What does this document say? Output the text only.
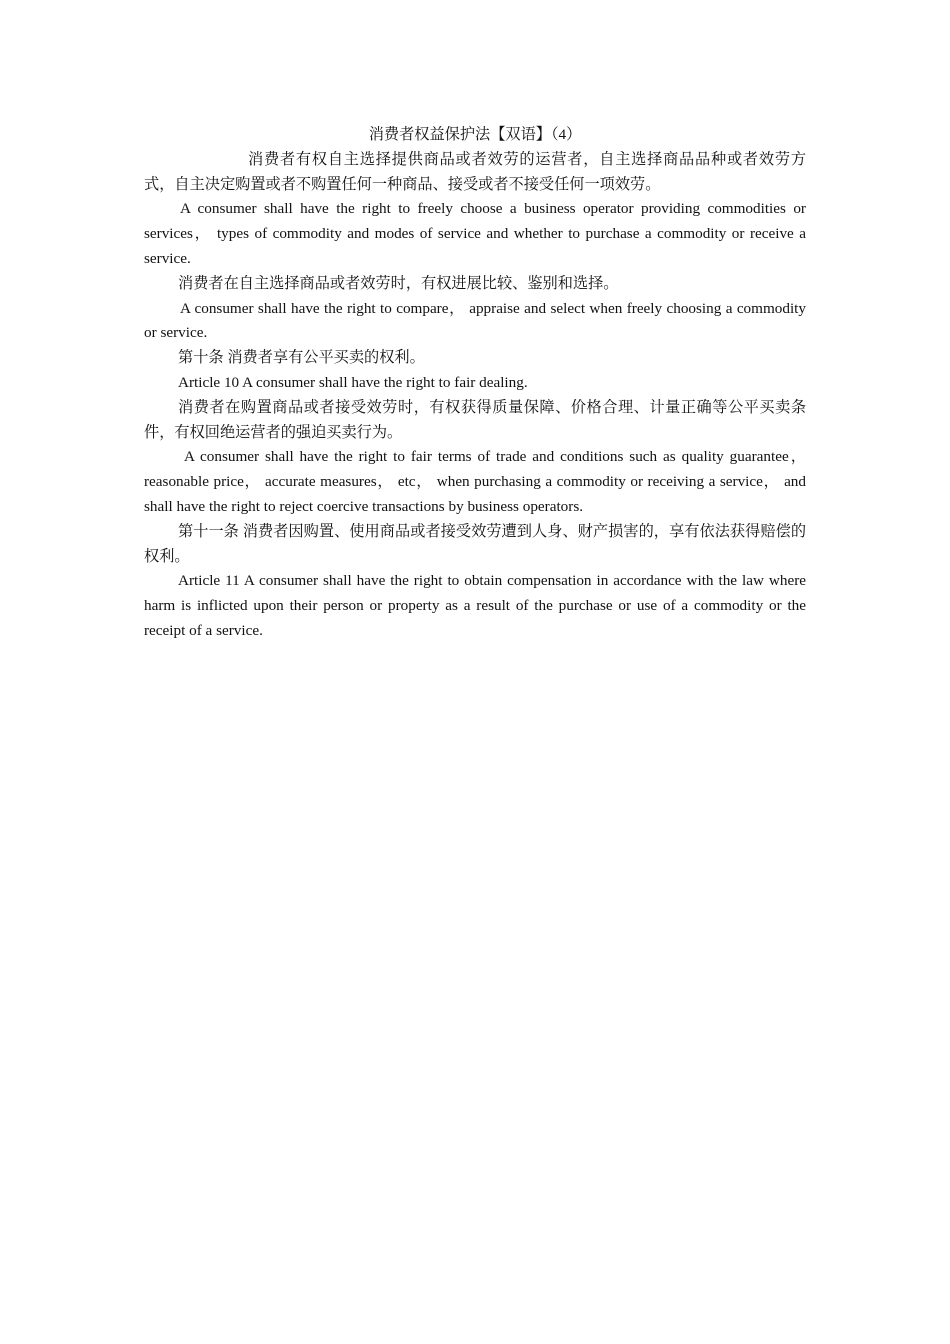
消费者权益保护法【双语】（4）

消费者有权自主选择提供商品或者效劳的运营者，自主选择商品品种或者效劳方式，自主决定购置或者不购置任何一种商品、接受或者不接受任何一项效劳。

A consumer shall have the right to freely choose a business operator providing commodities or services， types of commodity and modes of service and whether to purchase a commodity or receive a service.

消费者在自主选择商品或者效劳时，有权进展比较、鉴别和选择。

A consumer shall have the right to compare， appraise and select when freely choosing a commodity or service.

第十条 消费者享有公平买卖的权利。

Article 10 A consumer shall have the right to fair dealing.

消费者在购置商品或者接受效劳时，有权获得质量保障、价格合理、计量正确等公平买卖条件，有权回绝运营者的强迫买卖行为。

A consumer shall have the right to fair terms of trade and conditions such as quality guarantee， reasonable price， accurate measures， etc， when purchasing a commodity or receiving a service， and shall have the right to reject coercive transactions by business operators.

第十一条 消费者因购置、使用商品或者接受效劳遭到人身、财产损害的，享有依法获得赔偿的权利。

Article 11 A consumer shall have the right to obtain compensation in accordance with the law where harm is inflicted upon their person or property as a result of the purchase or use of a commodity or the receipt of a service.
